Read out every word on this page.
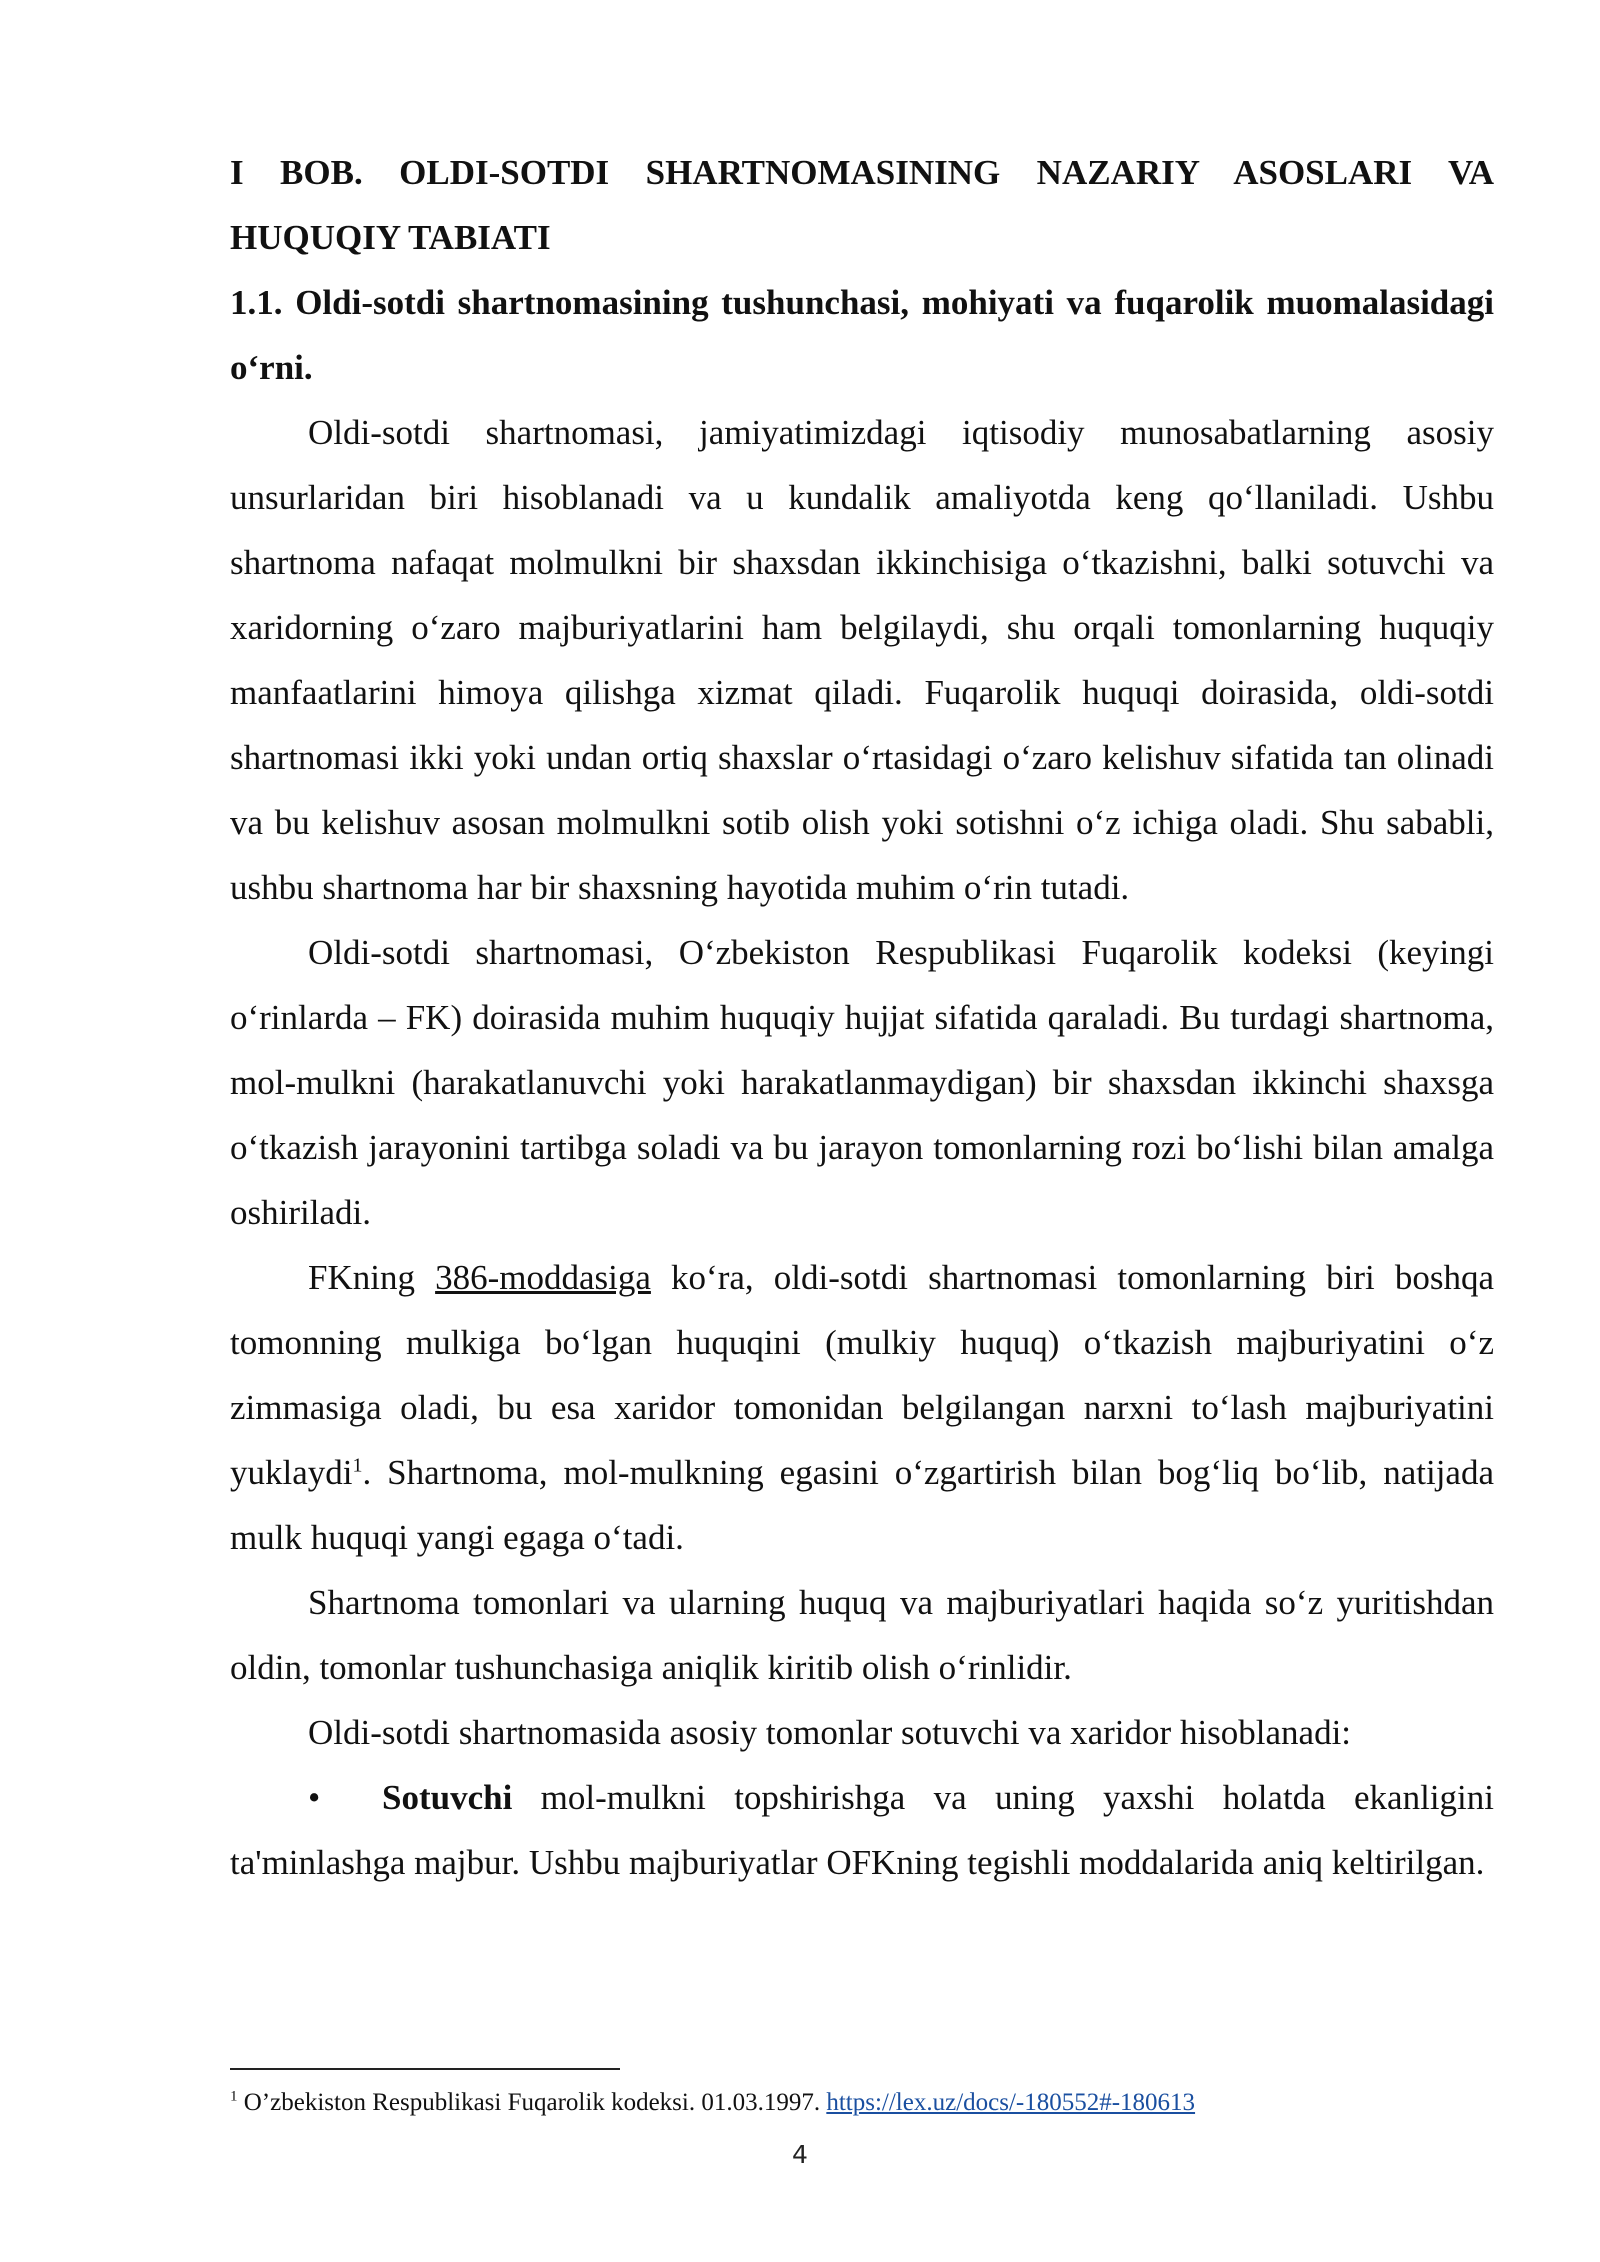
I BOB. OLDI-SOTDI SHARTNOMASINING NAZARIY ASOSLARI VA HUQUQIY TABIATI

1.1. Oldi-sotdi shartnomasining tushunchasi, mohiyati va fuqarolik muomalasidagi o‘rni.

Oldi-sotdi shartnomasi, jamiyatimizdagi iqtisodiy munosabatlarning asosiy unsurlaridan biri hisoblanadi va u kundalik amaliyotda keng qo‘llaniladi. Ushbu shartnoma nafaqat molmulkni bir shaxsdan ikkinchisiga o‘tkazishni, balki sotuvchi va xaridorning o‘zaro majburiyatlarini ham belgilaydi, shu orqali tomonlarning huquqiy manfaatlarini himoya qilishga xizmat qiladi. Fuqarolik huquqi doirasida, oldi-sotdi shartnomasi ikki yoki undan ortiq shaxslar o‘rtasidagi o‘zaro kelishuv sifatida tan olinadi va bu kelishuv asosan molmulkni sotib olish yoki sotishni o‘z ichiga oladi. Shu sababli, ushbu shartnoma har bir shaxsning hayotida muhim o‘rin tutadi.

Oldi-sotdi shartnomasi, O‘zbekiston Respublikasi Fuqarolik kodeksi (keyingi o‘rinlarda – FK) doirasida muhim huquqiy hujjat sifatida qaraladi. Bu turdagi shartnoma, mol-mulkni (harakatlanuvchi yoki harakatlanmaydigan) bir shaxsdan ikkinchi shaxsga o‘tkazish jarayonini tartibga soladi va bu jarayon tomonlarning rozi bo‘lishi bilan amalga oshiriladi.

FKning 386-moddasiga ko‘ra, oldi-sotdi shartnomasi tomonlarning biri boshqa tomonning mulkiga bo‘lgan huquqini (mulkiy huquq) o‘tkazish majburiyatini o‘z zimmasiga oladi, bu esa xaridor tomonidan belgilangan narxni to‘lash majburiyatini yuklaydi$^1$. Shartnoma, mol-mulkning egasini o‘zgartirish bilan bog‘liq bo‘lib, natijada mulk huquqi yangi egaga o‘tadi.

Shartnoma tomonlari va ularning huquq va majburiyatlari haqida so‘z yuritishdan oldin, tomonlar tushunchasiga aniqlik kiritib olish o‘rinlidir.

Oldi-sotdi shartnomasida asosiy tomonlar sotuvchi va xaridor hisoblanadi:

• Sotuvchi mol-mulkni topshirishga va uning yaxshi holatda ekanligini ta'minlashga majbur. Ushbu majburiyatlar OFKning tegishli moddalarida aniq keltirilgan.

$^1$ O’zbekiston Respublikasi Fuqarolik kodeksi. 01.03.1997. https://lex.uz/docs/-180552#-180613
4
